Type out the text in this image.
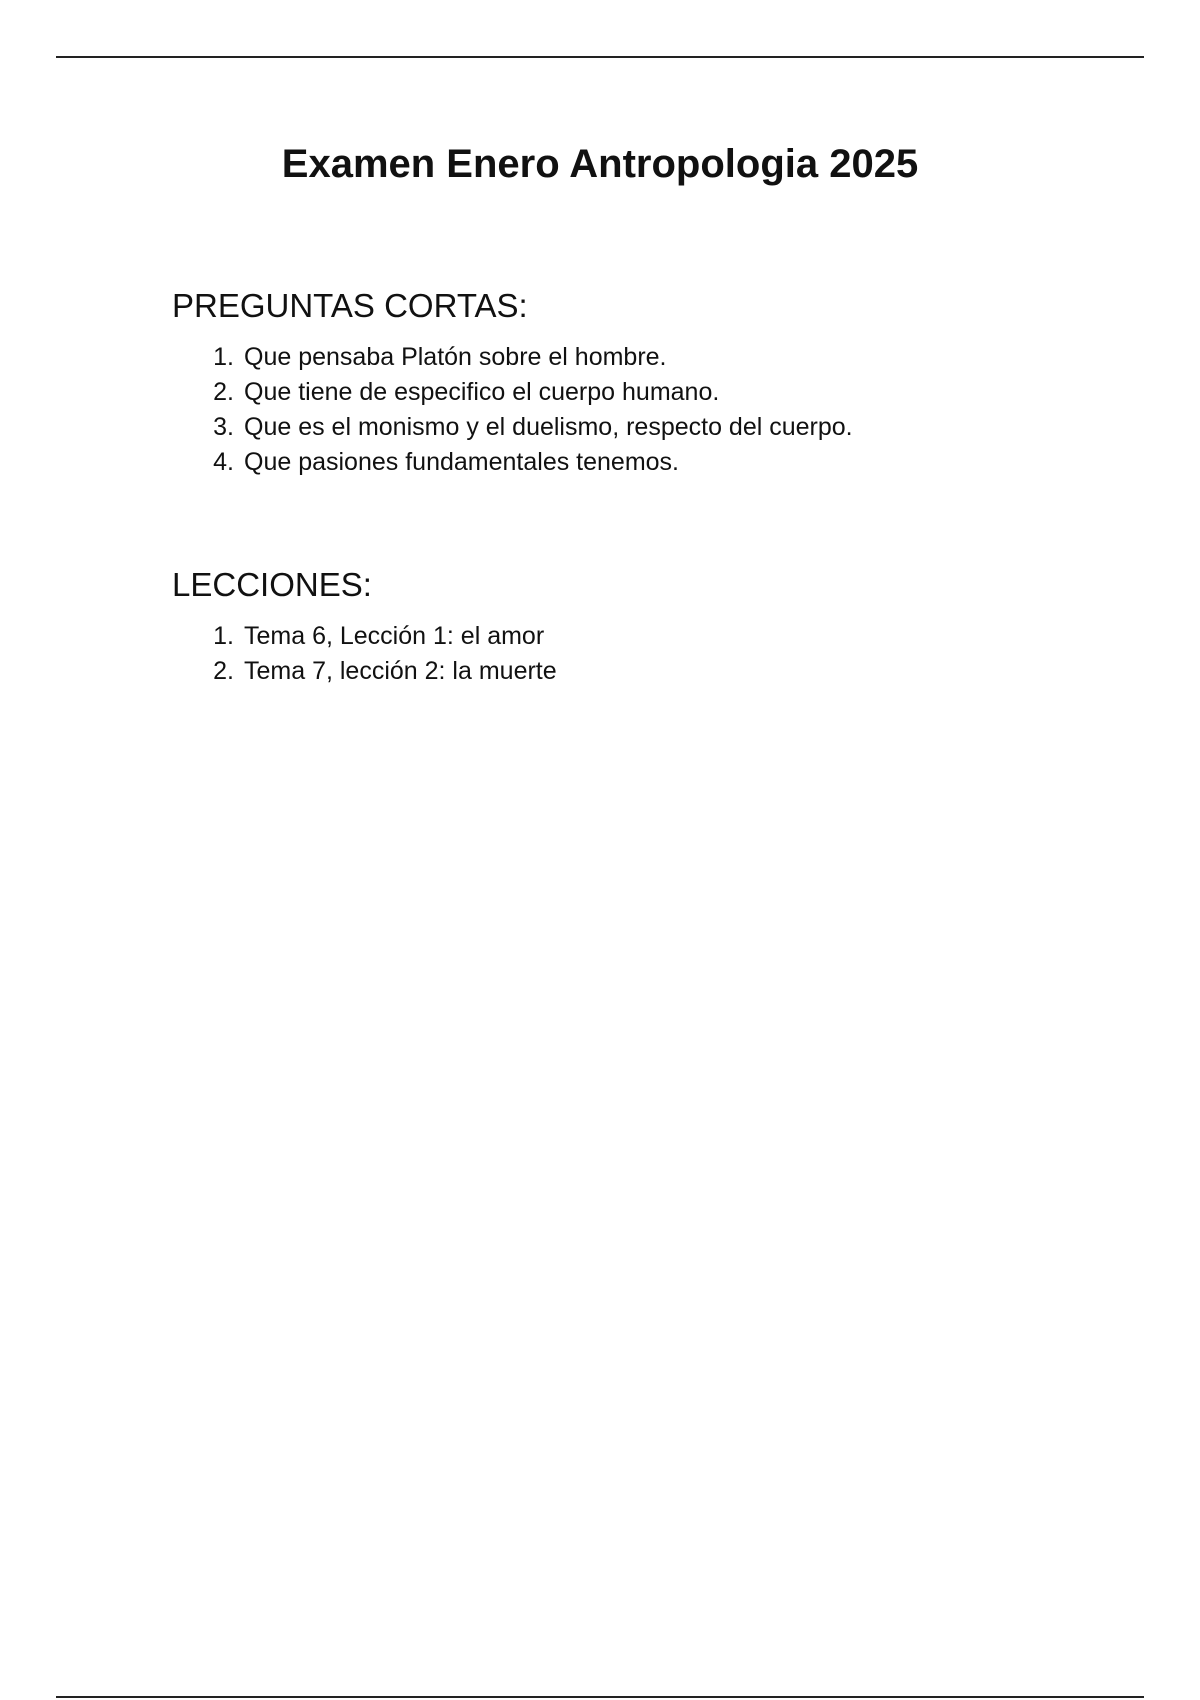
Examen Enero Antropologia 2025
PREGUNTAS CORTAS:
1. Que pensaba Platón sobre el hombre.
2. Que tiene de especifico el cuerpo humano.
3. Que es el monismo y el duelismo, respecto del cuerpo.
4. Que pasiones fundamentales tenemos.
LECCIONES:
1. Tema 6, Lección 1: el amor
2. Tema 7, lección 2: la muerte
